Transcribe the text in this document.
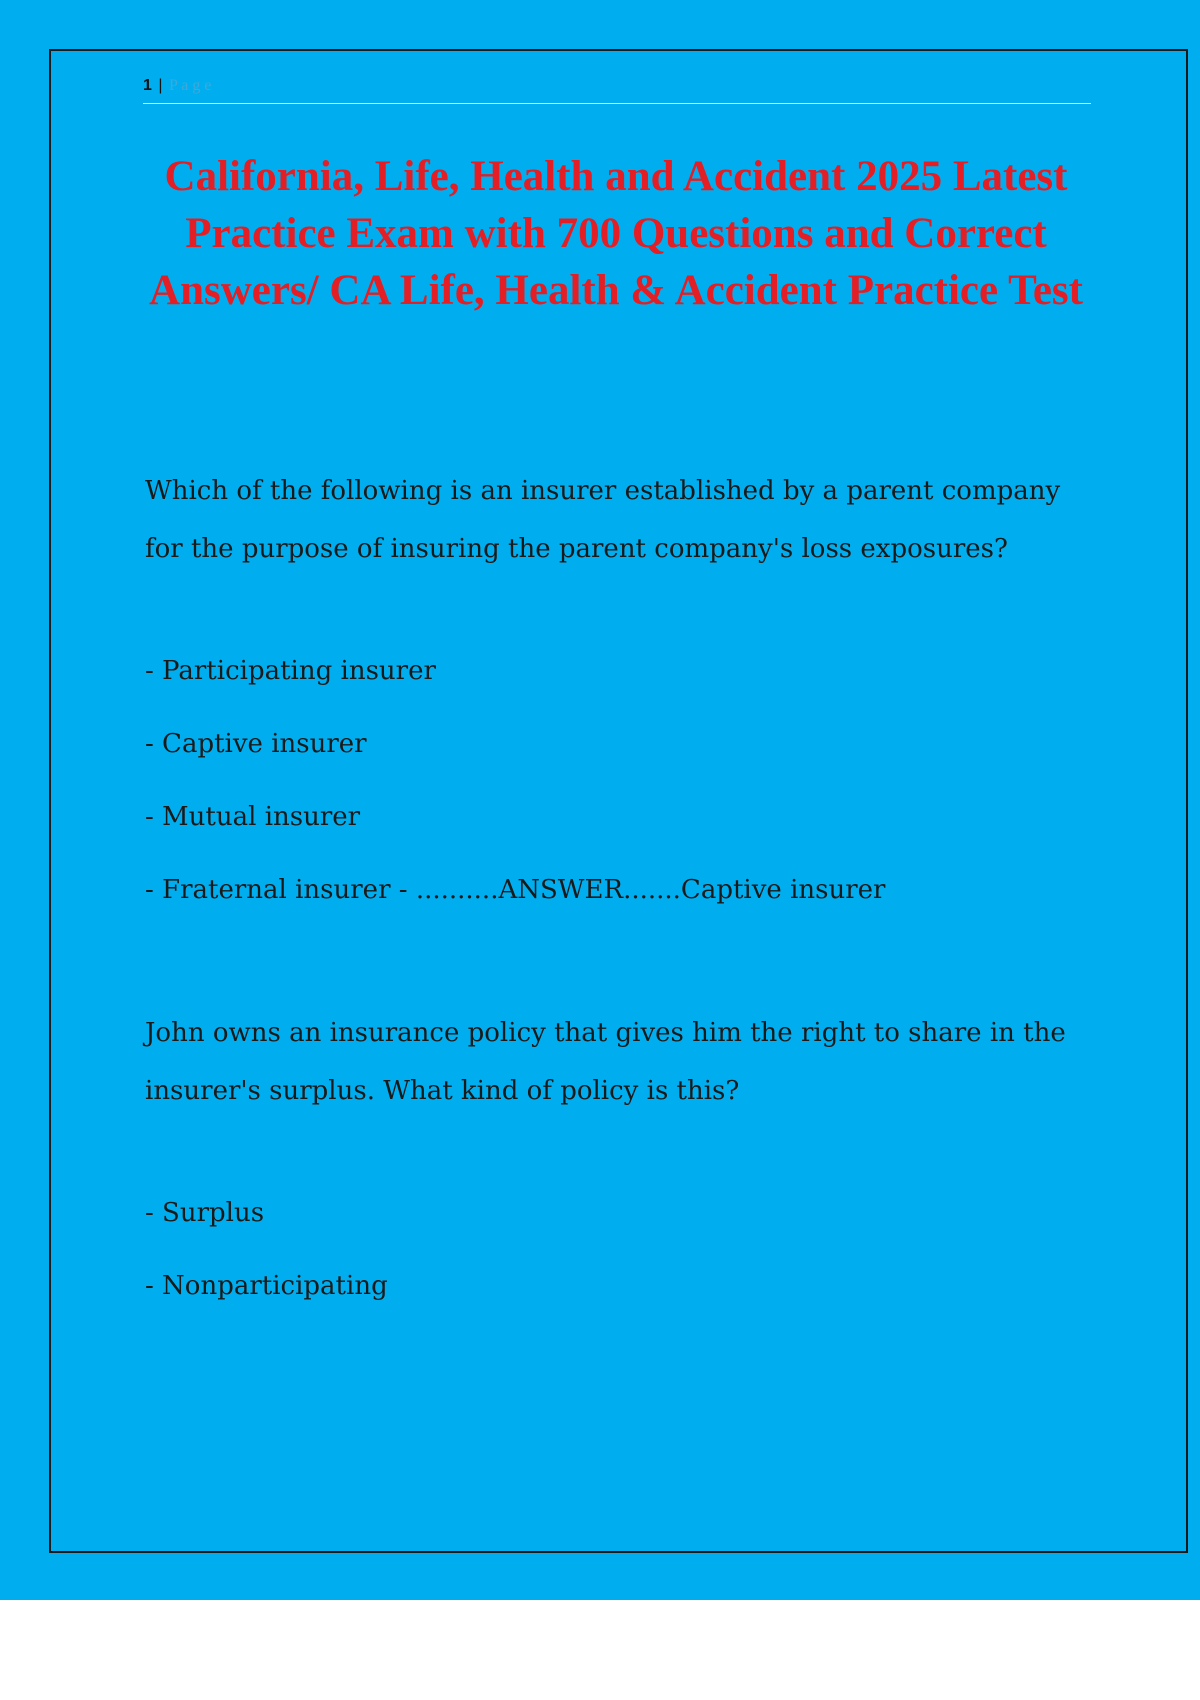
1 | P a g e
California, Life, Health and Accident 2025 Latest Practice Exam with 700 Questions and Correct Answers/ CA Life, Health & Accident Practice Test

Which of the following is an insurer established by a parent company for the purpose of insuring the parent company's loss exposures?

- Participating insurer

- Captive insurer

- Mutual insurer

- Fraternal insurer - ..........ANSWER.......Captive insurer

John owns an insurance policy that gives him the right to share in the insurer's surplus. What kind of policy is this?

- Surplus

- Nonparticipating
